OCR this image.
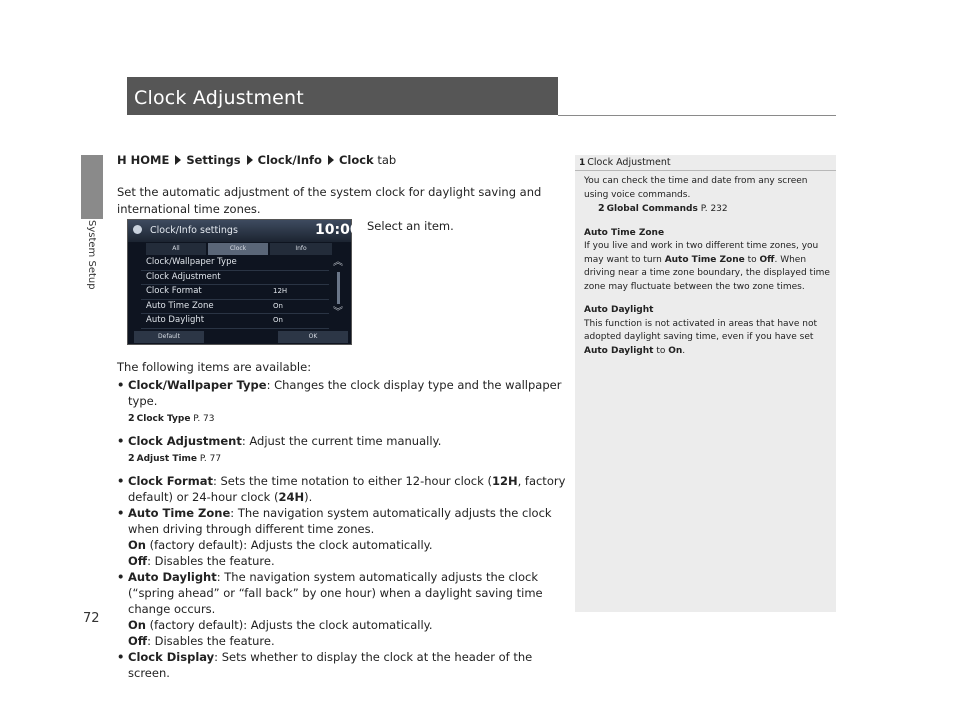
System Setup
Clock Adjustment
H HOME Settings Clock/Info Clock tab
Set the automatic adjustment of the system clock for daylight saving and international time zones.
Select an item.
Clock/Info settings	10:00
All	Clock	Info
Clock/Wallpaper Type
Clock Adjustment
Clock Format	12H
Auto Time Zone	On
Auto Daylight	On
︽
︾
Default	OK
The following items are available:
• Clock/Wallpaper Type: Changes the clock display type and the wallpaper type.
2 Clock Type P. 73
• Clock Adjustment: Adjust the current time manually.
2 Adjust Time P. 77
• Clock Format: Sets the time notation to either 12-hour clock (12H, factory default) or 24-hour clock (24H).
• Auto Time Zone: The navigation system automatically adjusts the clock when driving through different time zones.
On (factory default): Adjusts the clock automatically.
Off: Disables the feature.
• Auto Daylight: The navigation system automatically adjusts the clock (“spring ahead” or “fall back” by one hour) when a daylight saving time change occurs.
On (factory default): Adjusts the clock automatically.
Off: Disables the feature.
• Clock Display: Sets whether to display the clock at the header of the screen.
1 Clock Adjustment

You can check the time and date from any screen using voice commands.
2 Global Commands P. 232

Auto Time Zone
If you live and work in two different time zones, you may want to turn Auto Time Zone to Off. When driving near a time zone boundary, the displayed time zone may fluctuate between the two zone times.

Auto Daylight
This function is not activated in areas that have not adopted daylight saving time, even if you have set Auto Daylight to On.

72
